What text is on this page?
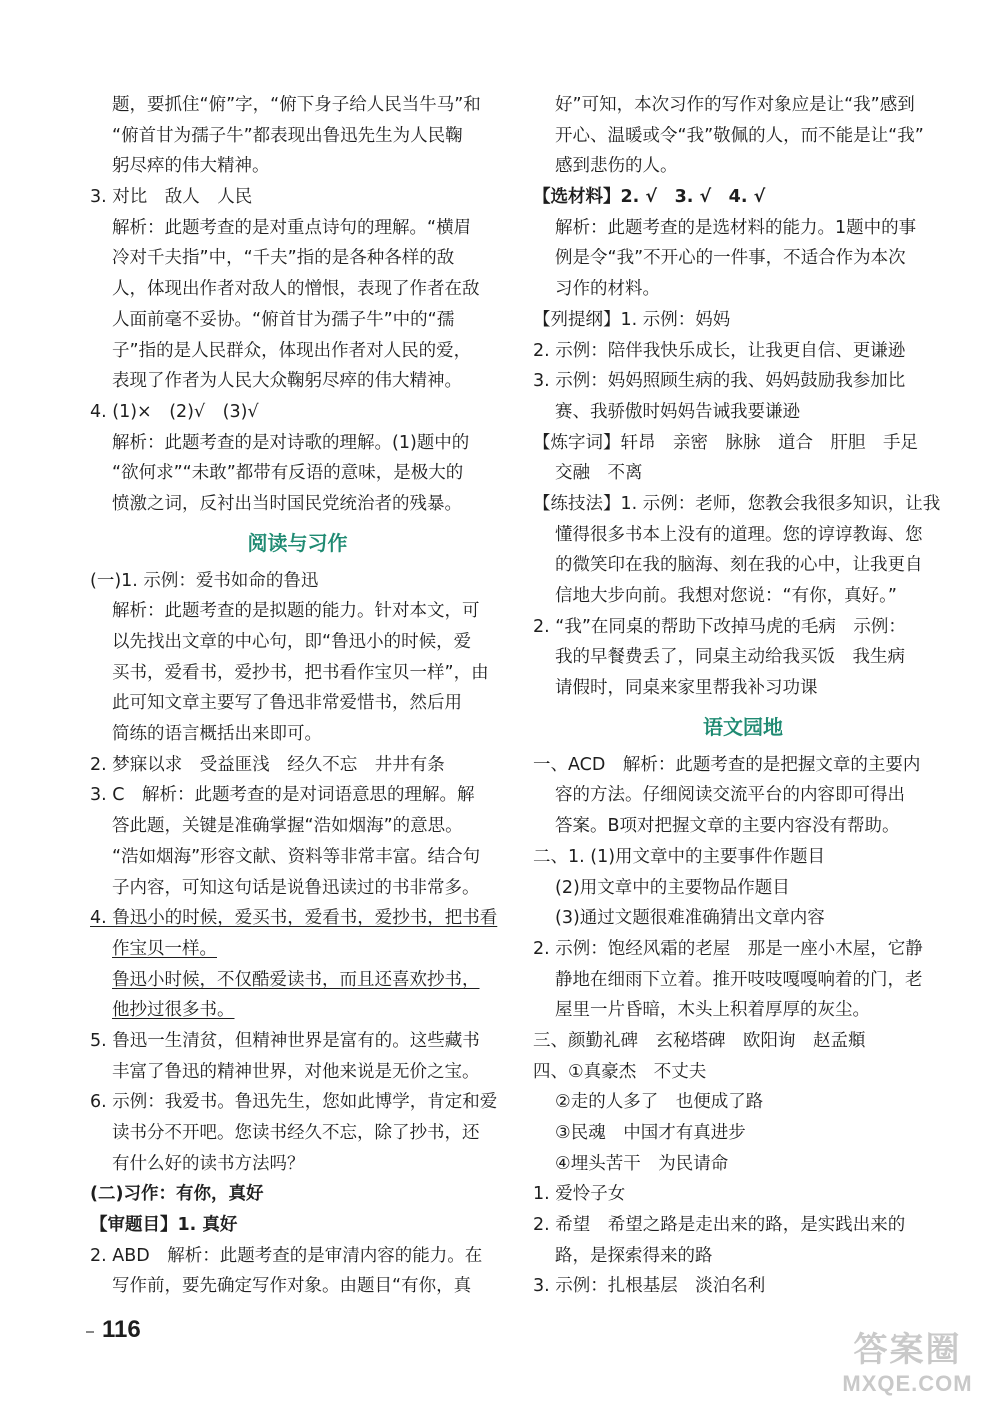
题，要抓住“俯”字，“俯下身子给人民当牛马”和
“俯首甘为孺子牛”都表现出鲁迅先生为人民鞠
躬尽瘁的伟大精神。
3. 对比　敌人　人民
解析：此题考查的是对重点诗句的理解。“横眉
冷对千夫指”中，“千夫”指的是各种各样的敌
人，体现出作者对敌人的憎恨，表现了作者在敌
人面前毫不妥协。“俯首甘为孺子牛”中的“孺
子”指的是人民群众，体现出作者对人民的爱，
表现了作者为人民大众鞠躬尽瘁的伟大精神。
4. (1)×　(2)√　(3)√
解析：此题考查的是对诗歌的理解。(1)题中的
“欲何求”“未敢”都带有反语的意味，是极大的
愤激之词，反衬出当时国民党统治者的残暴。
阅读与习作
(一)1. 示例：爱书如命的鲁迅
解析：此题考查的是拟题的能力。针对本文，可
以先找出文章的中心句，即“鲁迅小的时候，爱
买书，爱看书，爱抄书，把书看作宝贝一样”，由
此可知文章主要写了鲁迅非常爱惜书，然后用
简练的语言概括出来即可。
2. 梦寐以求　受益匪浅　经久不忘　井井有条
3. C　解析：此题考查的是对词语意思的理解。解
答此题，关键是准确掌握“浩如烟海”的意思。
“浩如烟海”形容文献、资料等非常丰富。结合句
子内容，可知这句话是说鲁迅读过的书非常多。
4. 鲁迅小的时候，爱买书，爱看书，爱抄书，把书看
作宝贝一样。
鲁迅小时候，不仅酷爱读书，而且还喜欢抄书，
他抄过很多书。
5. 鲁迅一生清贫，但精神世界是富有的。这些藏书
丰富了鲁迅的精神世界，对他来说是无价之宝。
6. 示例：我爱书。鲁迅先生，您如此博学，肯定和爱
读书分不开吧。您读书经久不忘，除了抄书，还
有什么好的读书方法吗？
(二)习作：有你，真好
【审题目】1. 真好
2. ABD　解析：此题考查的是审清内容的能力。在
写作前，要先确定写作对象。由题目“有你，真
好”可知，本次习作的写作对象应是让“我”感到
开心、温暖或令“我”敬佩的人，而不能是让“我”
感到悲伤的人。
【选材料】2. √　3. √　4. √
解析：此题考查的是选材料的能力。1题中的事
例是令“我”不开心的一件事，不适合作为本次
习作的材料。
【列提纲】1. 示例：妈妈
2. 示例：陪伴我快乐成长，让我更自信、更谦逊
3. 示例：妈妈照顾生病的我、妈妈鼓励我参加比
赛、我骄傲时妈妈告诫我要谦逊
【炼字词】轩昂　亲密　脉脉　道合　肝胆　手足
交融　不离
【练技法】1. 示例：老师，您教会我很多知识，让我
懂得很多书本上没有的道理。您的谆谆教诲、您
的微笑印在我的脑海、刻在我的心中，让我更自
信地大步向前。我想对您说：“有你，真好。”
2. “我”在同桌的帮助下改掉马虎的毛病　示例：
我的早餐费丢了，同桌主动给我买饭　我生病
请假时，同桌来家里帮我补习功课
语文园地
一、ACD　解析：此题考查的是把握文章的主要内
容的方法。仔细阅读交流平台的内容即可得出
答案。B项对把握文章的主要内容没有帮助。
二、1. (1)用文章中的主要事件作题目
(2)用文章中的主要物品作题目
(3)通过文题很难准确猜出文章内容
2. 示例：饱经风霜的老屋　那是一座小木屋，它静
静地在细雨下立着。推开吱吱嘎嘎响着的门，老
屋里一片昏暗，木头上积着厚厚的灰尘。
三、颜勤礼碑　玄秘塔碑　欧阳询　赵孟頫
四、①真豪杰　不丈夫
②走的人多了　也便成了路
③民魂　中国才有真进步
④埋头苦干　为民请命
1. 爱怜子女
2. 希望　希望之路是走出来的路，是实践出来的
路，是探索得来的路
3. 示例：扎根基层　淡泊名利
116
答案圈
MXQE.COM
